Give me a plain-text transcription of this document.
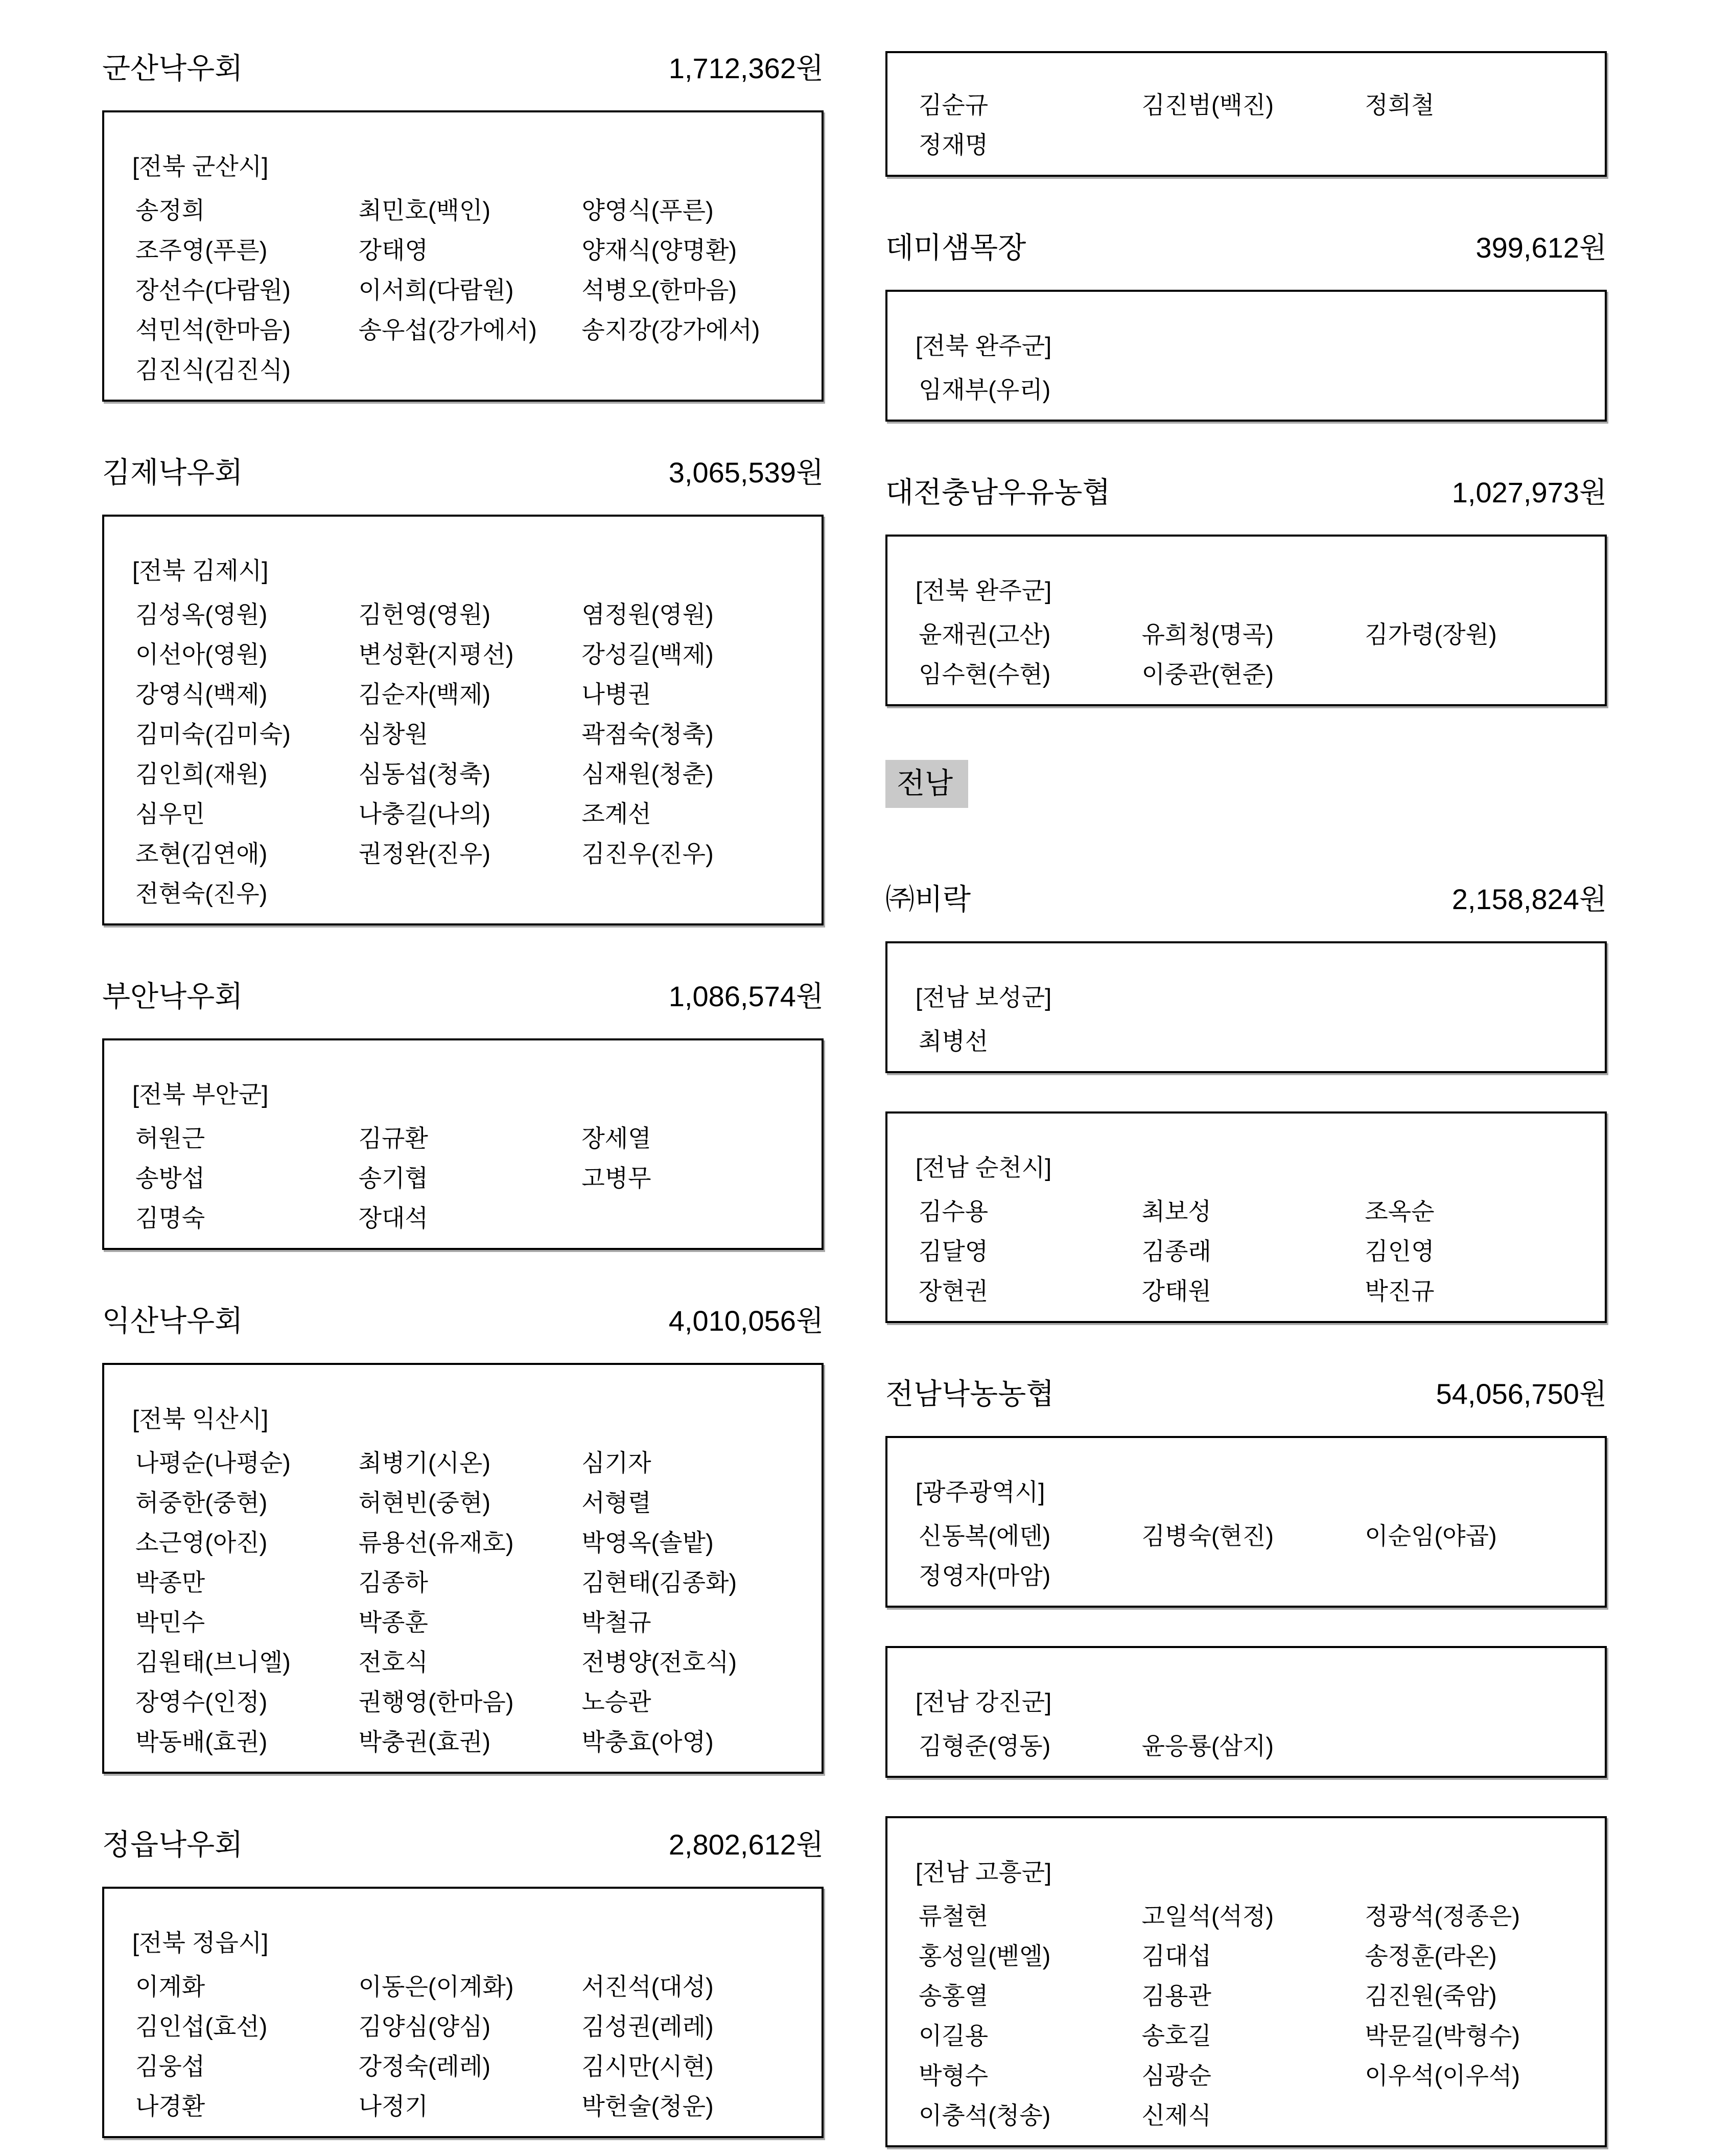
군산낙우회	1,712,362원
[전북 군산시]
송정희	최민호(백인)	양영식(푸른)
조주영(푸른)	강태영	양재식(양명환)
장선수(다람원)	이서희(다람원)	석병오(한마음)
석민석(한마음)	송우섭(강가에서)	송지강(강가에서)
김진식(김진식)
김제낙우회	3,065,539원
[전북 김제시]
김성옥(영원)	김헌영(영원)	염정원(영원)
이선아(영원)	변성환(지평선)	강성길(백제)
강영식(백제)	김순자(백제)	나병권
김미숙(김미숙)	심창원	곽점숙(청축)
김인희(재원)	심동섭(청축)	심재원(청춘)
심우민	나충길(나의)	조계선
조현(김연애)	권정완(진우)	김진우(진우)
전현숙(진우)
부안낙우회	1,086,574원
[전북 부안군]
허원근	김규환	장세열
송방섭	송기협	고병무
김명숙	장대석
익산낙우회	4,010,056원
[전북 익산시]
나평순(나평순)	최병기(시온)	심기자
허중한(중현)	허현빈(중현)	서형렬
소근영(아진)	류용선(유재호)	박영옥(솔밭)
박종만	김종하	김현태(김종화)
박민수	박종훈	박철규
김원태(브니엘)	전호식	전병양(전호식)
장영수(인정)	권행영(한마음)	노승관
박동배(효권)	박충권(효권)	박충효(아영)
정읍낙우회	2,802,612원
[전북 정읍시]
이계화	이동은(이계화)	서진석(대성)
김인섭(효선)	김양심(양심)	김성권(레레)
김웅섭	강정숙(레레)	김시만(시현)
나경환	나정기	박헌술(청운)
김순규	김진범(백진)	정희철
정재명
데미샘목장	399,612원
[전북 완주군]
임재부(우리)
대전충남우유농협	1,027,973원
[전북 완주군]
윤재권(고산)	유희청(명곡)	김가령(장원)
임수현(수현)	이중관(현준)
전남
㈜비락	2,158,824원
[전남 보성군]
최병선
[전남 순천시]
김수용	최보성	조옥순
김달영	김종래	김인영
장현권	강태원	박진규
전남낙농농협	54,056,750원
[광주광역시]
신동복(에덴)	김병숙(현진)	이순임(야곱)
정영자(마암)
[전남 강진군]
김형준(영동)	윤응룡(삼지)
[전남 고흥군]
류철현	고일석(석정)	정광석(정종은)
홍성일(벧엘)	김대섭	송정훈(라온)
송홍열	김용관	김진원(죽암)
이길용	송호길	박문길(박형수)
박형수	심광순	이우석(이우석)
이충석(청송)	신제식
